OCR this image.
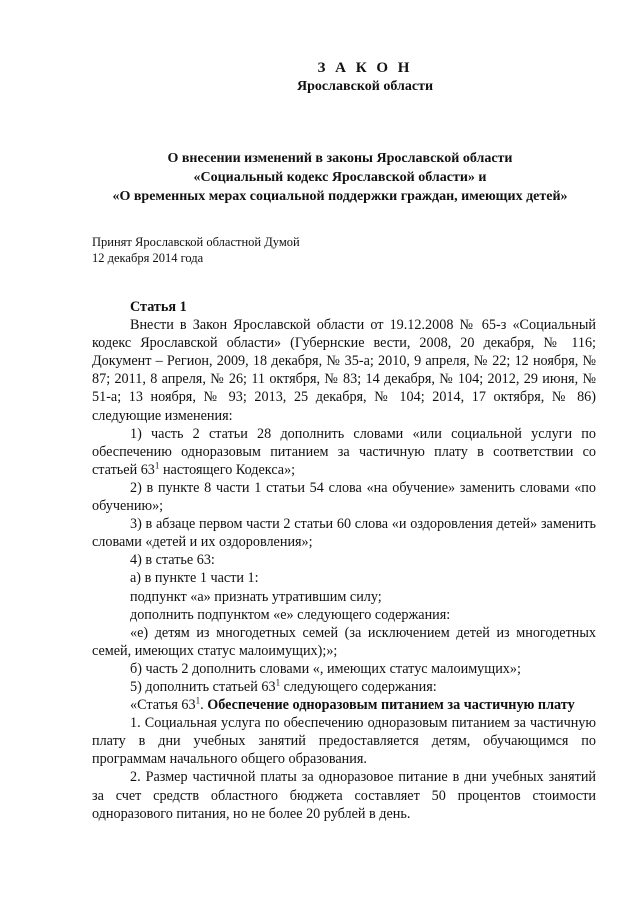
З А К О Н
Ярославской области
О внесении изменений в законы Ярославской области
«Социальный кодекс Ярославской области» и
«О временных мерах социальной поддержки граждан, имеющих детей»
Принят Ярославской областной Думой
12 декабря 2014 года

Статья 1

Внести в Закон Ярославской области от 19.12.2008 № 65-з «Социальный кодекс Ярославской области» (Губернские вести, 2008, 20 декабря, № 116; Документ – Регион, 2009, 18 декабря, № 35-а; 2010, 9 апреля, № 22; 12 ноября, № 87; 2011, 8 апреля, № 26; 11 октября, № 83; 14 декабря, № 104; 2012, 29 июня, № 51-а; 13 ноября, № 93; 2013, 25 декабря, № 104; 2014, 17 октября, № 86) следующие изменения:

1) часть 2 статьи 28 дополнить словами «или социальной услуги по обеспечению одноразовым питанием за частичную плату в соответствии со статьей $63^1$ настоящего Кодекса»;

2) в пункте 8 части 1 статьи 54 слова «на обучение» заменить словами «по обучению»;

3) в абзаце первом части 2 статьи 60 слова «и оздоровления детей» заменить словами «детей и их оздоровления»;

4) в статье 63:

а) в пункте 1 части 1:

подпункт «а» признать утратившим силу;

дополнить подпунктом «е» следующего содержания:

«е) детям из многодетных семей (за исключением детей из многодетных семей, имеющих статус малоимущих);»;

б) часть 2 дополнить словами «, имеющих статус малоимущих»;

5) дополнить статьей $63^1$ следующего содержания:

«Статья $63^1$. Обеспечение одноразовым питанием за частичную плату

1. Социальная услуга по обеспечению одноразовым питанием за частичную плату в дни учебных занятий предоставляется детям, обучающимся по программам начального общего образования.

2. Размер частичной платы за одноразовое питание в дни учебных занятий за счет средств областного бюджета составляет 50 процентов стоимости одноразового питания, но не более 20 рублей в день.
